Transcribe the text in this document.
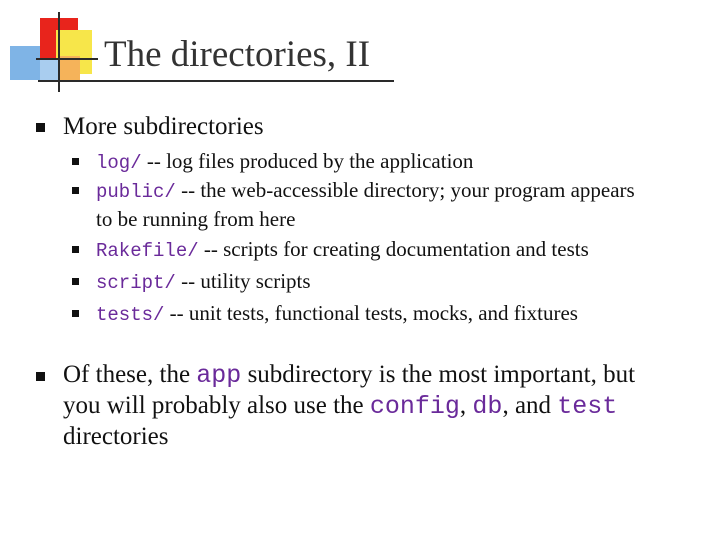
The directories, II
More subdirectories
log/ -- log files produced by the application
public/ -- the web-accessible directory; your program appears
to be running from here
Rakefile/ -- scripts for creating documentation and tests
script/ -- utility scripts
tests/ -- unit tests, functional tests, mocks, and fixtures
Of these, the app subdirectory is the most important, but
you will probably also use the config, db, and test
directories
